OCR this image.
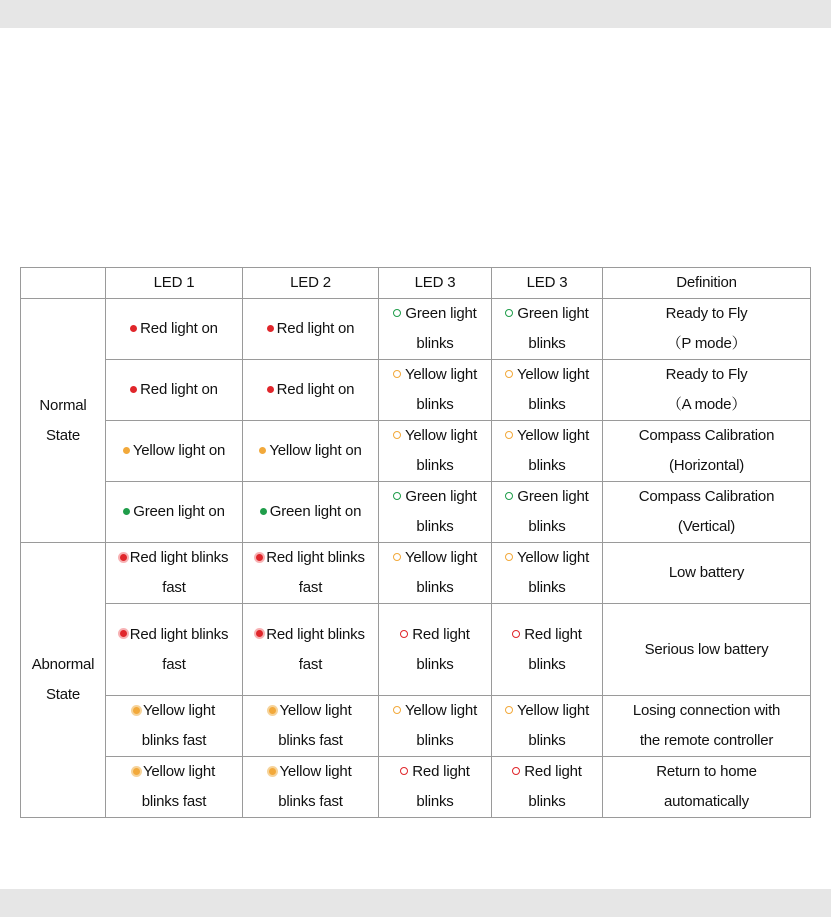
	LED 1	LED 2	LED 3	LED 3	Definition
Normal State	Red light on	Red light on	Green light
blinks	Green light
blinks	Ready to Fly
（P mode）

	Red light on	Red light on	Yellow light
blinks	Yellow light
blinks	Ready to Fly
（A mode）

	Yellow light on	Yellow light on	Yellow light
blinks	Yellow light
blinks	Compass Calibration
(Horizontal)

	Green light on	Green light on	Green light
blinks	Green light
blinks	Compass Calibration
(Vertical)

Abnormal State	Red light blinks
fast	Red light blinks
fast	Yellow light
blinks	Yellow light
blinks	Low battery

	Red light blinks
fast	Red light blinks
fast	Red light
blinks	Red light
blinks	Serious low battery

	Yellow light
blinks fast	Yellow light
blinks fast	Yellow light
blinks	Yellow light
blinks	Losing connection with
the remote controller

	Yellow light
blinks fast	Yellow light
blinks fast	Red light
blinks	Red light
blinks	Return to home
automatically
